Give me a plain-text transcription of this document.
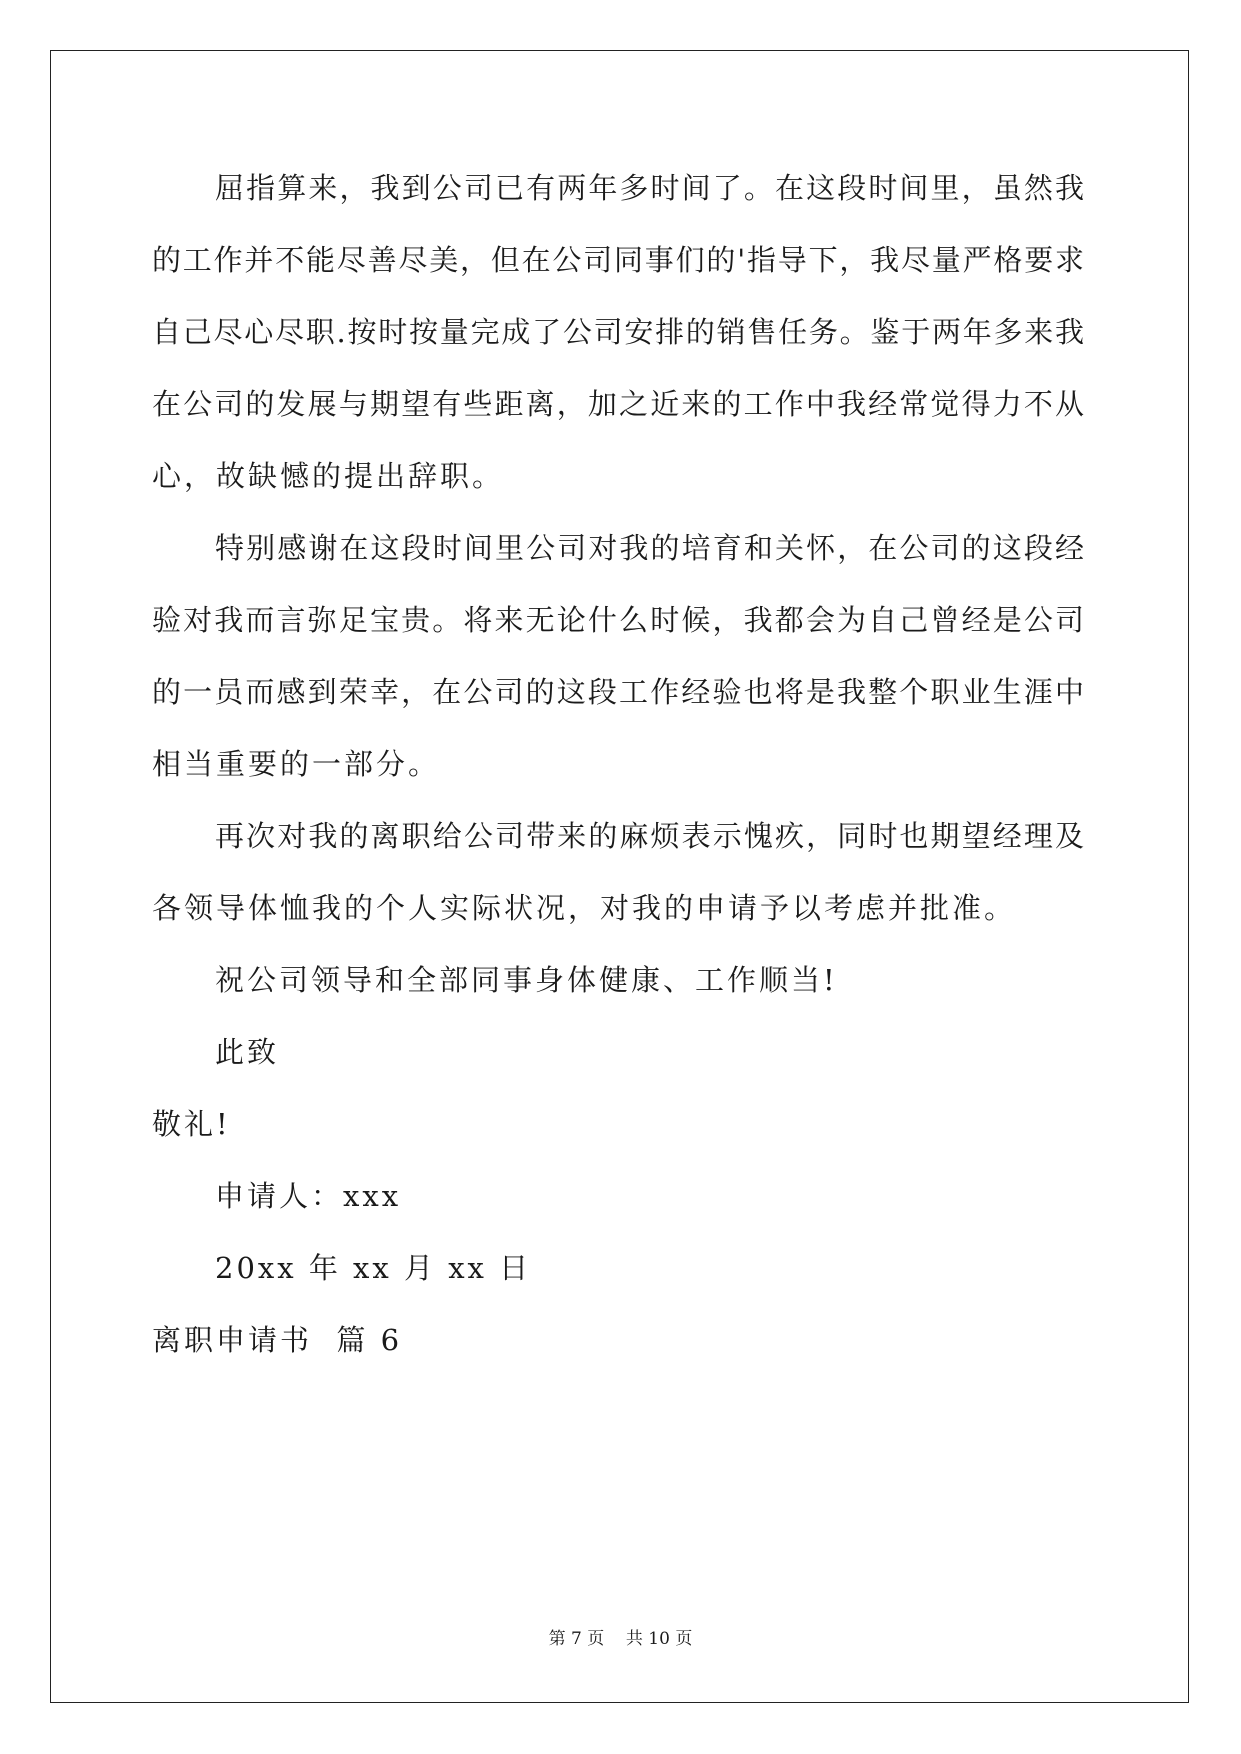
屈指算来，我到公司已有两年多时间了。在这段时间里，虽然我
的工作并不能尽善尽美，但在公司同事们的'指导下，我尽量严格要求
自己尽心尽职.按时按量完成了公司安排的销售任务。鉴于两年多来我
在公司的发展与期望有些距离，加之近来的工作中我经常觉得力不从
心，故缺憾的提出辞职。
特别感谢在这段时间里公司对我的培育和关怀，在公司的这段经
验对我而言弥足宝贵。将来无论什么时候，我都会为自己曾经是公司
的一员而感到荣幸，在公司的这段工作经验也将是我整个职业生涯中
相当重要的一部分。
再次对我的离职给公司带来的麻烦表示愧疚，同时也期望经理及
各领导体恤我的个人实际状况，对我的申请予以考虑并批准。
祝公司领导和全部同事身体健康、工作顺当!
此致
敬礼!
申请人：xxx
20xx 年 xx 月 xx 日
离职申请书  篇 6
第 7 页    共 10 页
